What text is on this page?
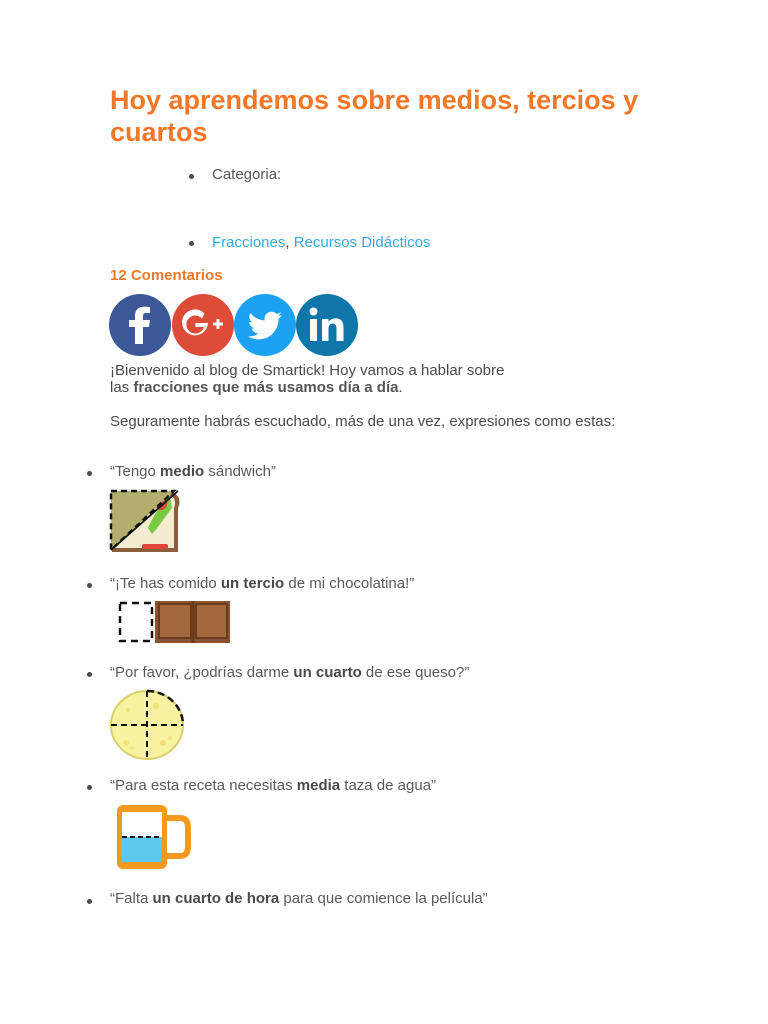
Hoy aprendemos sobre medios, tercios y cuartos
Categoria:
Fracciones, Recursos Didácticos
12 Comentarios

¡Bienvenido al blog de Smartick! Hoy vamos a hablar sobre
las fracciones que más usamos día a día.

Seguramente habrás escuchado, más de una vez, expresiones como estas:

“Tengo medio sándwich”
“¡Te has comido un tercio de mi chocolatina!”
“Por favor, ¿podrías darme un cuarto de ese queso?”
“Para esta receta necesitas media taza de agua”
“Falta un cuarto de hora para que comience la película”
